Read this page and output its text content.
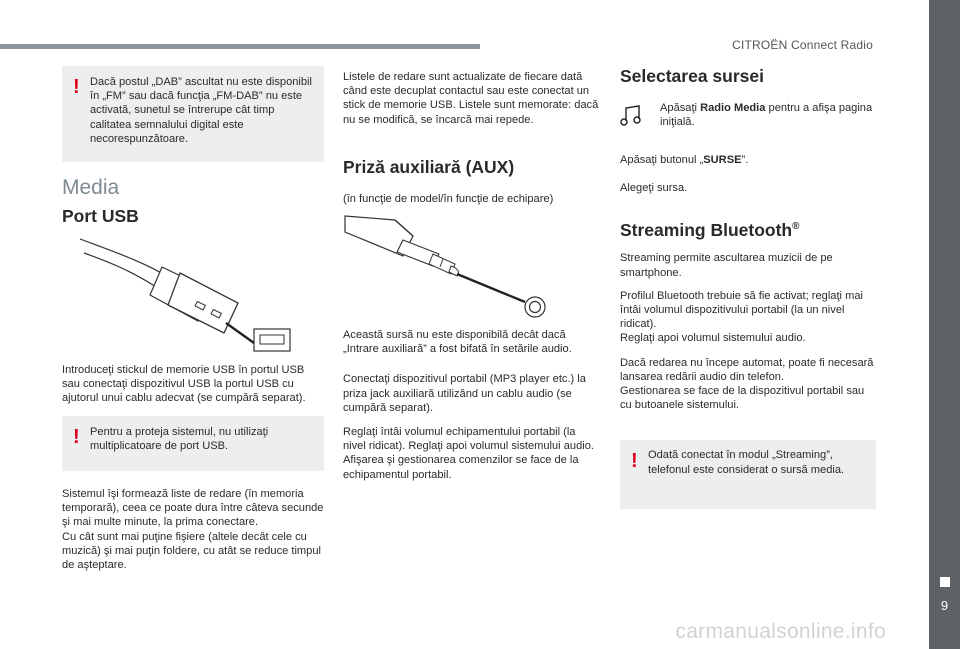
CITROËN Connect Radio
9
carmanualsonline.info
! Dacă postul „DAB” ascultat nu este disponibil în „FM” sau dacă funcţia „FM-DAB” nu este activată, sunetul se întrerupe cât timp calitatea semnalului digital este necorespunzătoare.

Media
Port USB

Introduceţi stickul de memorie USB în portul USB sau conectaţi dispozitivul USB la portul USB cu ajutorul unui cablu adecvat (se cumpără separat).

! Pentru a proteja sistemul, nu utilizaţi multiplicatoare de port USB.

Sistemul îşi formează liste de redare (în memoria temporară), ceea ce poate dura între câteva secunde şi mai multe minute, la prima conectare.
Cu cât sunt mai puţine fişiere (altele decât cele cu muzică) şi mai puţin foldere, cu atât se reduce timpul de aşteptare.

Listele de redare sunt actualizate de fiecare dată când este decuplat contactul sau este conectat un stick de memorie USB. Listele sunt memorate: dacă nu se modifică, se încarcă mai repede.

Priză auxiliară (AUX)

(în funcţie de model/în funcţie de echipare)

Această sursă nu este disponibilă decât dacă „Intrare auxiliară” a fost bifată în setările audio.

Conectaţi dispozitivul portabil (MP3 player etc.) la priza jack auxiliară utilizând un cablu audio (se cumpără separat).

Reglaţi întâi volumul echipamentului portabil (la nivel ridicat). Reglaţi apoi volumul sistemului audio.
Afişarea şi gestionarea comenzilor se face de la echipamentul portabil.

Selectarea sursei

Apăsaţi Radio Media pentru a afişa pagina iniţială.

Apăsaţi butonul „SURSE”.

Alegeţi sursa.

Streaming Bluetooth®

Streaming permite ascultarea muzicii de pe smartphone.

Profilul Bluetooth trebuie să fie activat; reglaţi mai întâi volumul dispozitivului portabil (la un nivel ridicat).
Reglaţi apoi volumul sistemului audio.

Dacă redarea nu începe automat, poate fi necesară lansarea redării audio din telefon.
Gestionarea se face de la dispozitivul portabil sau cu butoanele sistemului.

! Odată conectat în modul „Streaming”, telefonul este considerat o sursă media.
